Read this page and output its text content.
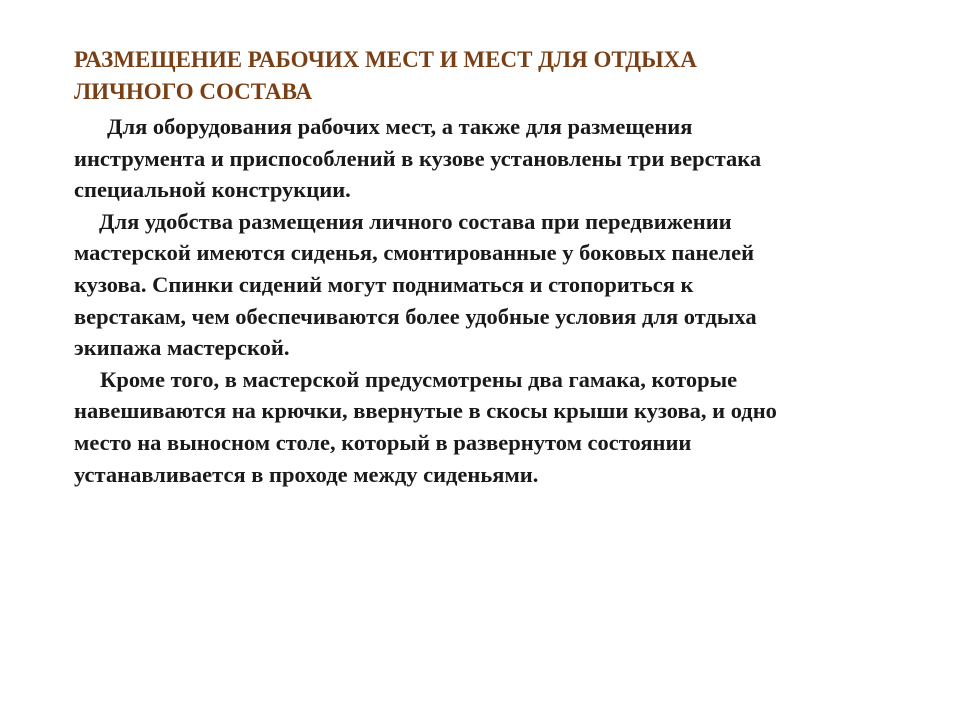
РАЗМЕЩЕНИЕ РАБОЧИХ МЕСТ И МЕСТ ДЛЯ ОТДЫХА
ЛИЧНОГО СОСТАВА
Для оборудования рабочих мест, а также для размещения
инструмента и приспособлений в кузове установлены три верстака
специальной конструкции.
Для удобства размещения личного состава при передвижении
мастерской имеются сиденья, смонтированные у боковых панелей
кузова. Спинки сидений могут подниматься и стопориться к
верстакам, чем обеспечиваются более удобные условия для отдыха
экипажа мастерской.
Кроме того, в мастерской предусмотрены два гамака, которые
навешиваются на крючки, ввернутые в скосы крыши кузова, и одно
место на выносном столе, который в развернутом состоянии
устанавливается в проходе между сиденьями.
